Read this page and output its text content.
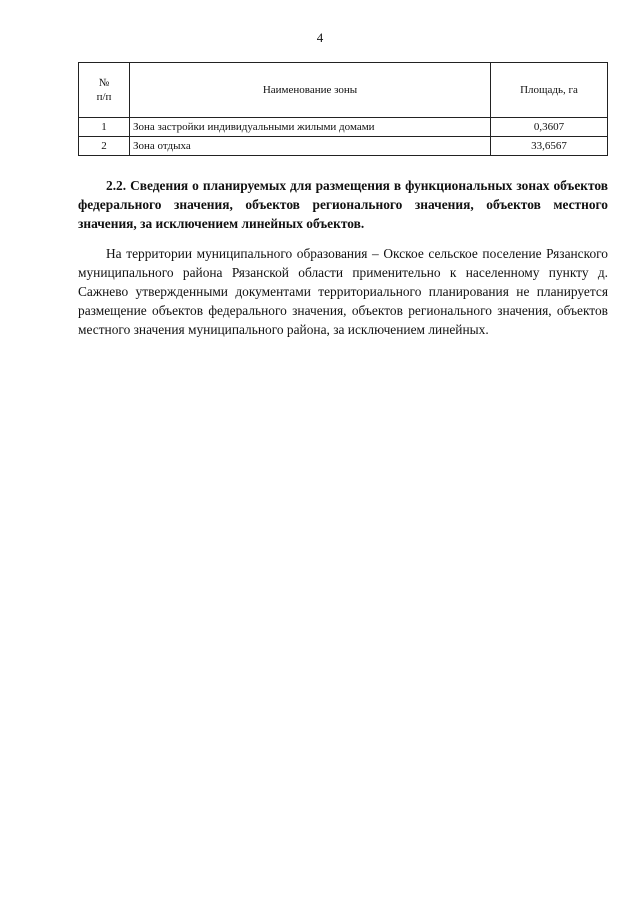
4
№
п/п	Наименование зоны	Площадь, га
1	Зона застройки индивидуальными жилыми домами	0,3607
2	Зона отдыха	33,6567

2.2. Сведения о планируемых для размещения в функциональных зонах объектов федерального значения, объектов регионального значения, объектов местного значения, за исключением линейных объектов.

На территории муниципального образования – Окское сельское поселение Рязанского муниципального района Рязанской области применительно к населенному пункту д. Сажнево утвержденными документами территориального планирования не планируется размещение объектов федерального значения, объектов регионального значения, объектов местного значения муниципального района, за исключением линейных.
